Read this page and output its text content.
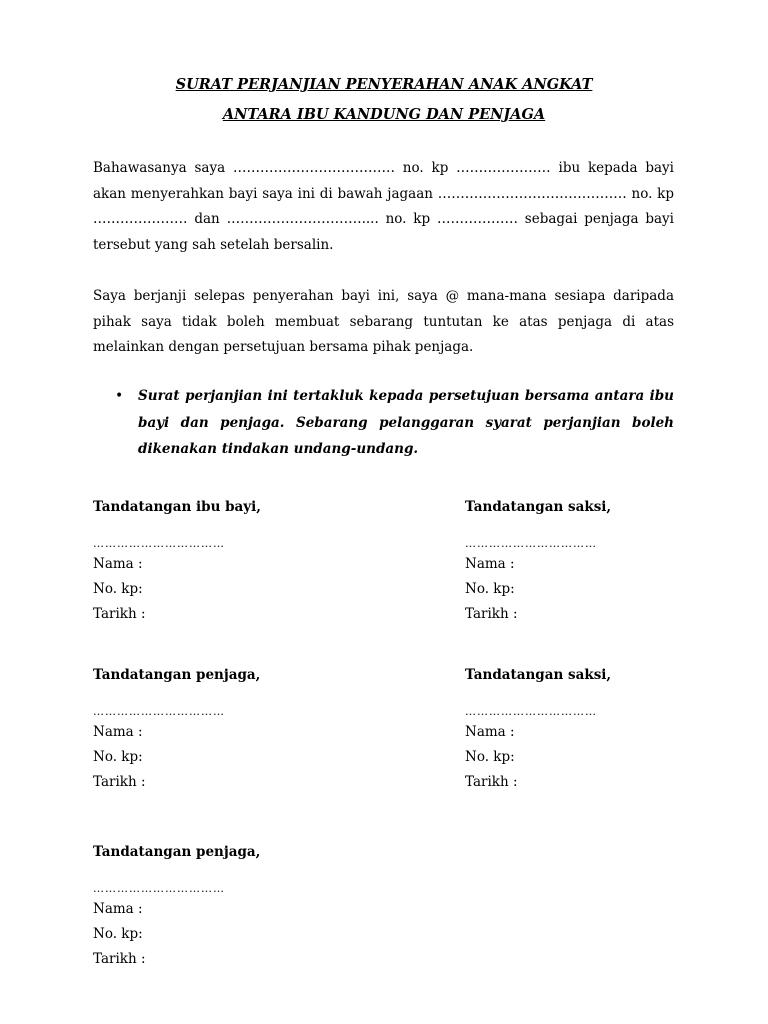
SURAT PERJANJIAN PENYERAHAN ANAK ANGKAT
ANTARA IBU KANDUNG DAN PENJAGA

Bahawasanya saya ……………………………… no. kp ………………… ibu kepada bayi akan menyerahkan bayi saya ini di bawah jagaan …………………………………… no. kp ………………… dan ………………………….... no. kp ……………… sebagai penjaga bayi tersebut yang sah setelah bersalin.

Saya berjanji selepas penyerahan bayi ini, saya @ mana-mana sesiapa daripada pihak saya tidak boleh membuat sebarang tuntutan ke atas penjaga di atas melainkan dengan persetujuan bersama pihak penjaga.

• Surat perjanjian ini tertakluk kepada persetujuan bersama antara ibu bayi dan penjaga. Sebarang pelanggaran syarat perjanjian boleh dikenakan tindakan undang-undang.

Tandatangan ibu bayi,
……………………………
Nama :
No. kp:
Tarikh :
Tandatangan saksi,
……………………………
Nama :
No. kp:
Tarikh :
Tandatangan penjaga,
……………………………
Nama :
No. kp:
Tarikh :
Tandatangan saksi,
……………………………
Nama :
No. kp:
Tarikh :
Tandatangan penjaga,
……………………………
Nama :
No. kp:
Tarikh :
